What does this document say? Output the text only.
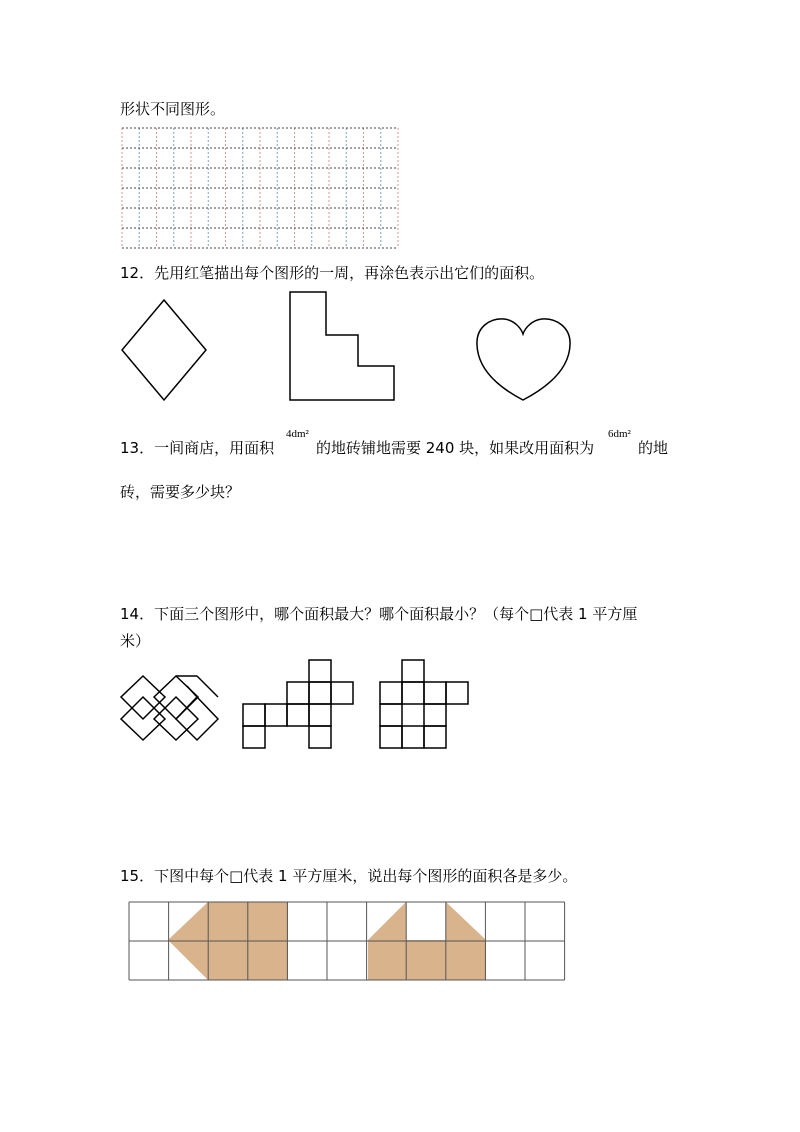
形状不同图形。
12．先用红笔描出每个图形的一周，再涂色表示出它们的面积。
13．一间商店，用面积
4dm²
的地砖铺地需要 240 块，如果改用面积为
6dm²
的地
砖，需要多少块？
14．下面三个图形中，哪个面积最大？哪个面积最小？（每个□代表 1 平方厘
米）
15．下图中每个□代表 1 平方厘米，说出每个图形的面积各是多少。
